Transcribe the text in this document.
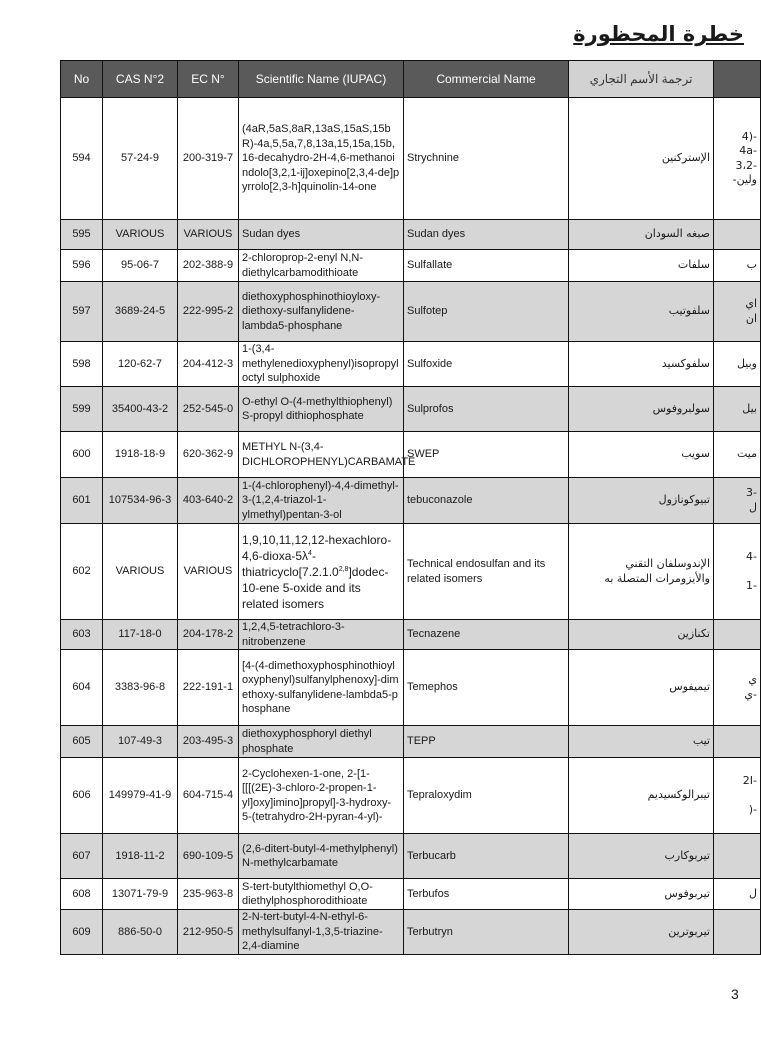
خطرة المحظورة
No	CAS N°2	EC N°	Scientific Name (IUPAC)	Commercial Name	ترجمة الأسم التجاري	
594	57-24-9	200-319-7	(4aR,5aS,8aR,13aS,15aS,15bR)-4a,5,5a,7,8,13a,15,15a,15b,16-decahydro-2H-4,6-methanoindolo[3,2,1-ij]oxepino[2,3,4-de]pyrrolo[2,3-h]quinolin-14-one	Strychnine	الإستركنين	-(4
-4a
-3،2
ولين-
595	VARIOUS	VARIOUS	Sudan dyes	Sudan dyes	صبغه السودان	
596	95-06-7	202-388-9	2-chloroprop-2-enyl N,N-diethylcarbamodithioate	Sulfallate	سلفات	ب
597	3689-24-5	222-995-2	diethoxyphosphinothioyloxy-diethoxy-sulfanylidene-lambda5-phosphane	Sulfotep	سلفوتيب	اي
ان
598	120-62-7	204-412-3	1-(3,4-methylenedioxyphenyl)isopropyl octyl sulphoxide	Sulfoxide	سلفوكسيد	وبيل
599	35400-43-2	252-545-0	O-ethyl O-(4-methylthiophenyl) S-propyl dithiophosphate	Sulprofos	سولبروفوس	بيل
600	1918-18-9	620-362-9	METHYL N-(3,4-DICHLOROPHENYL)CARBAMATE	SWEP	سويب	ميت
601	107534-96-3	403-640-2	1-(4-chlorophenyl)-4,4-dimethyl-3-(1,2,4-triazol-1-ylmethyl)pentan-3-ol	tebuconazole	تبيوكونازول	-3
ل
602	VARIOUS	VARIOUS	$1,9,10,11,12,12-hexachloro-4,6-dioxa-5\lambda^4-thiatricyclo[7.2.1.0^{2,8}]dodec-10$-ene 5-oxide and its related isomers	Technical endosulfan and its related isomers	الإندوسلفان التقني والأيزومرات المتصلة به	-4

-1
603	117-18-0	204-178-2	1,2,4,5-tetrachloro-3-nitrobenzene	Tecnazene	تكنازين	
604	3383-96-8	222-191-1	[4-(4-dimethoxyphosphinothioyloxyphenyl)sulfanylphenoxy]-dimethoxy-sulfanylidene-lambda5-phosphane	Temephos	تيميفوس	ي
-ي
605	107-49-3	203-495-3	diethoxyphosphoryl diethyl phosphate	TEPP	تيب	
606	149979-41-9	604-715-4	2-Cyclohexen-1-one, 2-[1-[[[(2E)-3-chloro-2-propen-1-yl]oxy]imino]propyl]-3-hydroxy-5-(tetrahydro-2H-pyran-4-yl)-	Tepraloxydim	تيبرالوكسيديم	-2I

-(
607	1918-11-2	690-109-5	(2,6-ditert-butyl-4-methylphenyl) N-methylcarbamate	Terbucarb	تيربوكارب	
608	13071-79-9	235-963-8	S-tert-butylthiomethyl O,O-diethylphosphorodithioate	Terbufos	تيربوفوس	ل
609	886-50-0	212-950-5	2-N-tert-butyl-4-N-ethyl-6-methylsulfanyl-1,3,5-triazine-2,4-diamine	Terbutryn	تيربوترين	
3
